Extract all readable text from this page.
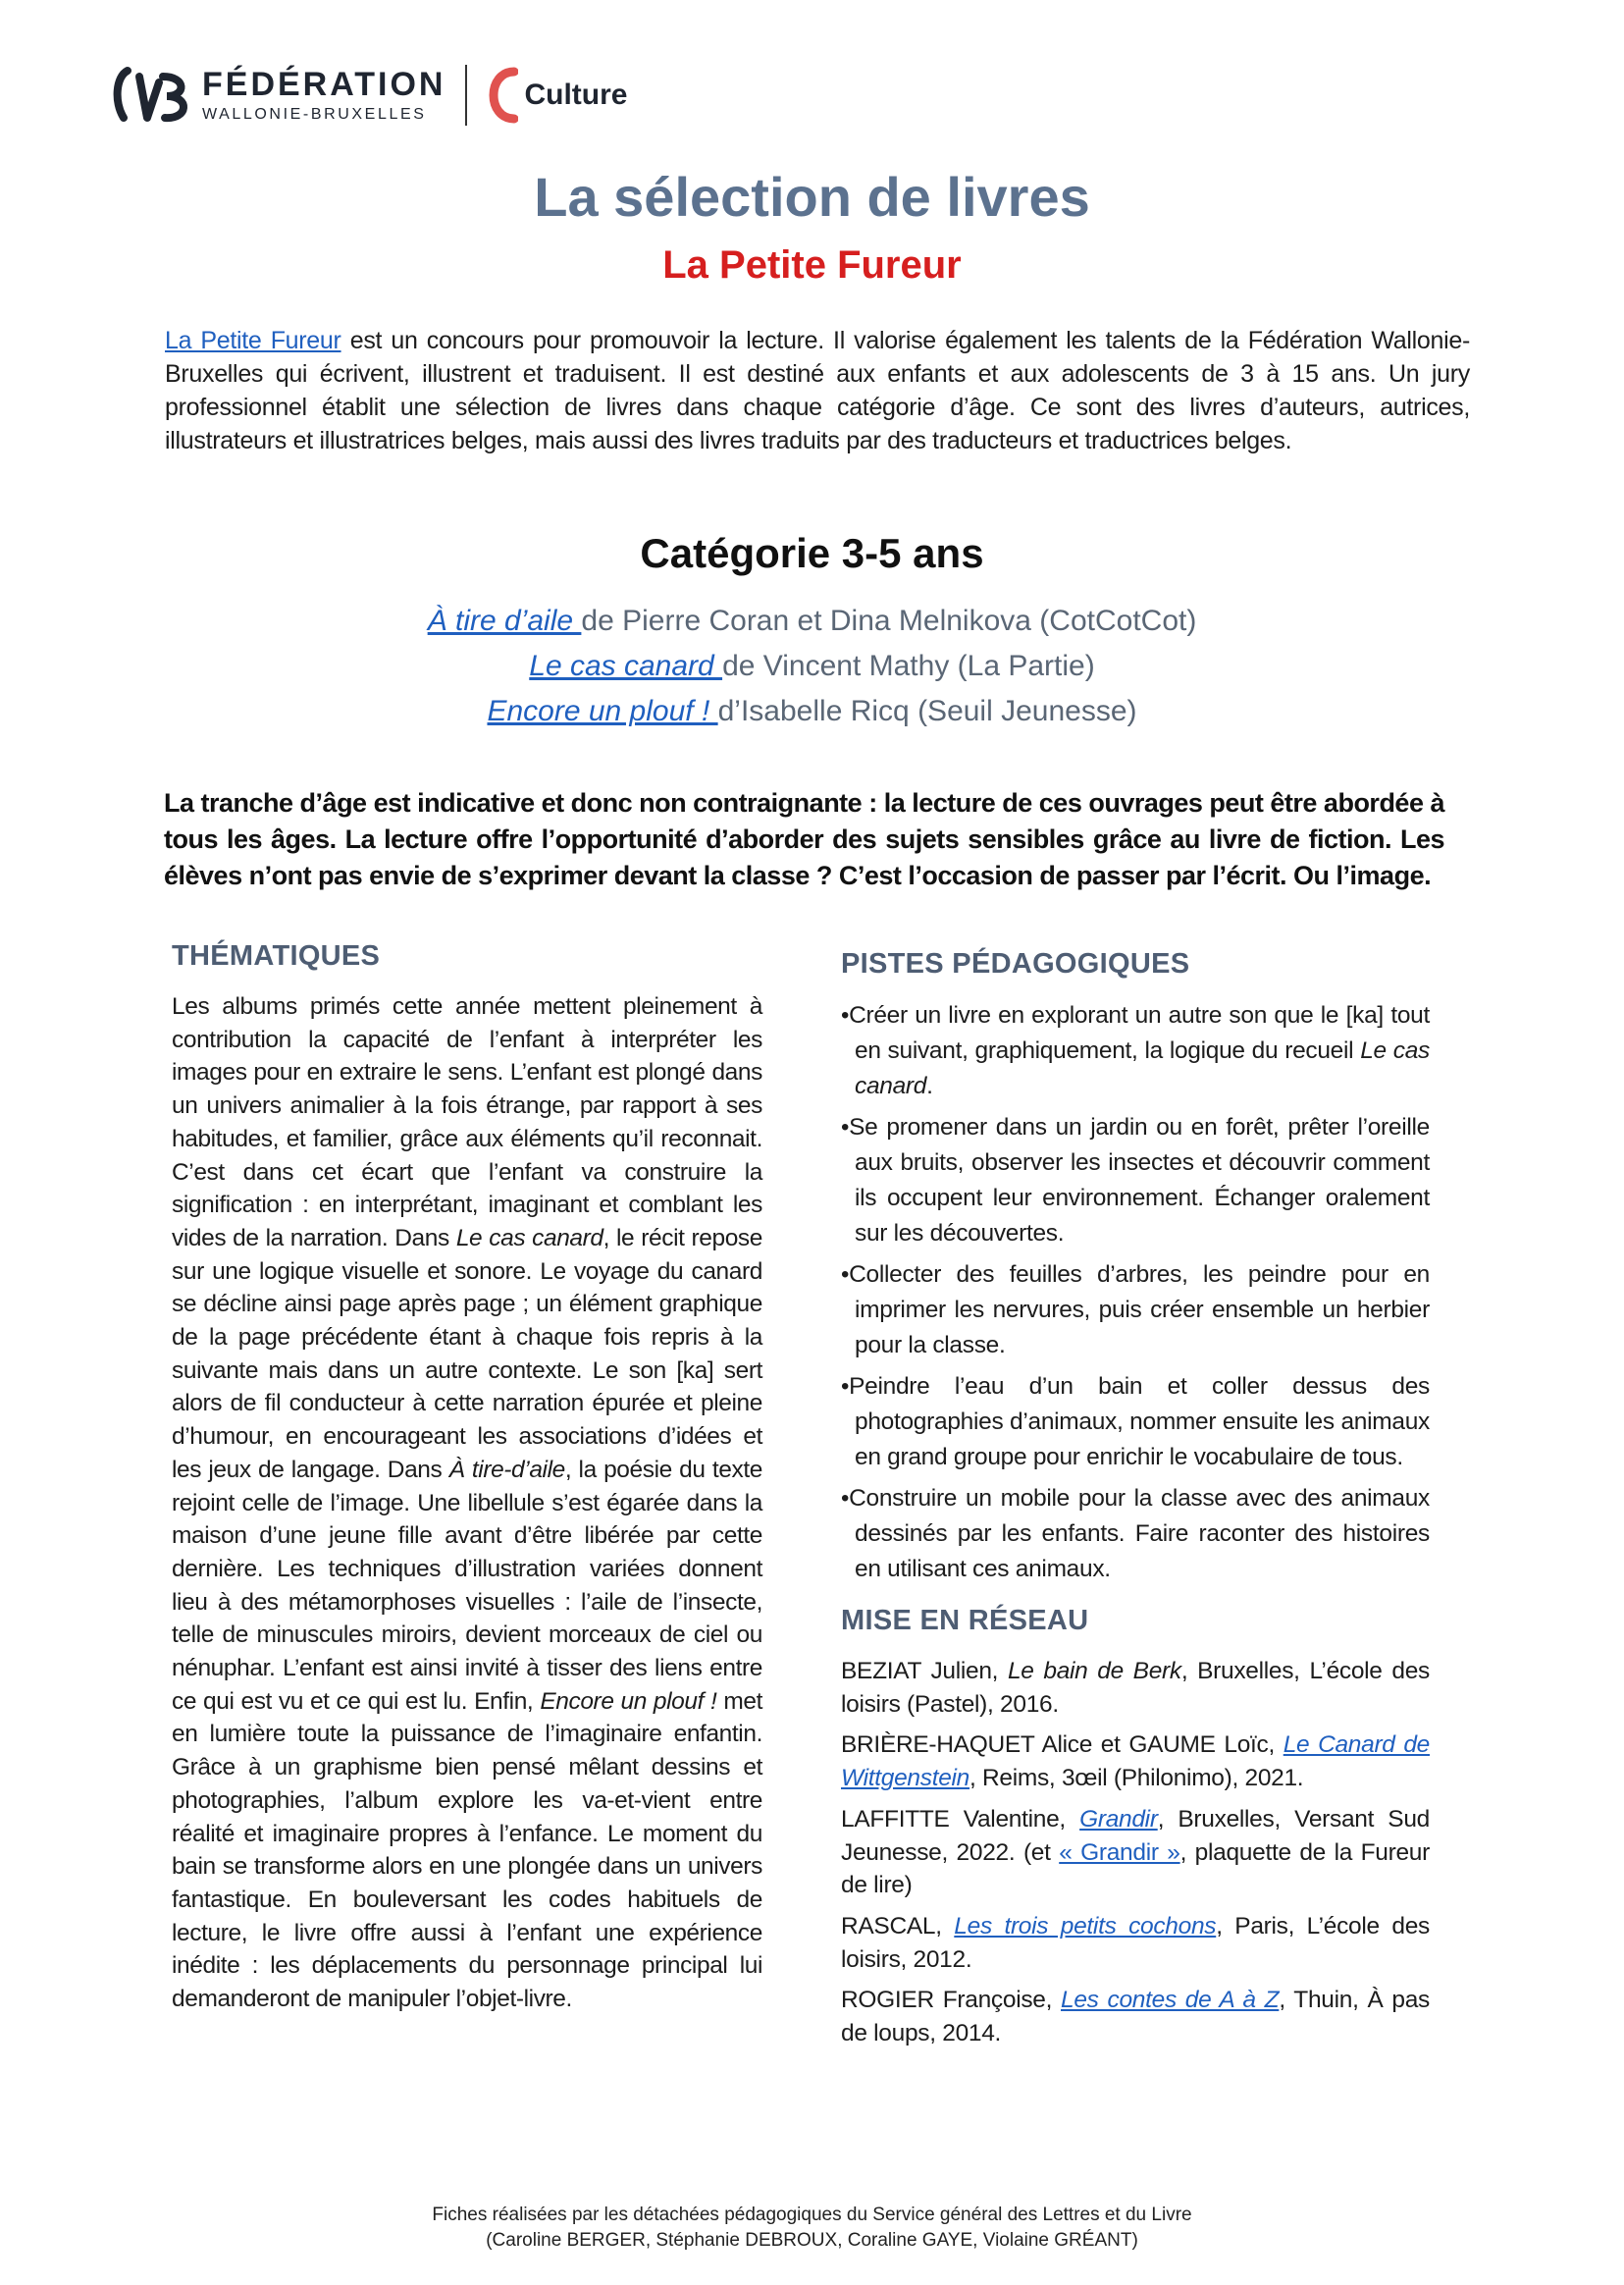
FÉDÉRATION
WALLONIE-BRUXELLES
Culture
La sélection de livres
La Petite Fureur

La Petite Fureur est un concours pour promouvoir la lecture. Il valorise également les talents de la Fédération Wallonie-Bruxelles qui écrivent, illustrent et traduisent. Il est destiné aux enfants et aux adolescents de 3 à 15 ans. Un jury professionnel établit une sélection de livres dans chaque catégorie d’âge. Ce sont des livres d’auteurs, autrices, illustrateurs et illustratrices belges, mais aussi des livres traduits par des traducteurs et traductrices belges.

Catégorie 3-5 ans

À tire d’aile de Pierre Coran et Dina Melnikova (CotCotCot)

Le cas canard de Vincent Mathy (La Partie)

Encore un plouf ! d’Isabelle Ricq (Seuil Jeunesse)

La tranche d’âge est indicative et donc non contraignante : la lecture de ces ouvrages peut être abordée à tous les âges. La lecture offre l’opportunité d’aborder des sujets sensibles grâce au livre de fiction. Les élèves n’ont pas envie de s’exprimer devant la classe ? C’est l’occasion de passer par l’écrit. Ou l’image.

THÉMATIQUES

Les albums primés cette année mettent pleinement à contribution la capacité de l’enfant à interpréter les images pour en extraire le sens. L’enfant est plongé dans un univers animalier à la fois étrange, par rapport à ses habitudes, et familier, grâce aux éléments qu’il reconnait. C’est dans cet écart que l’enfant va construire la signification : en interprétant, imaginant et comblant les vides de la narration. Dans Le cas canard, le récit repose sur une logique visuelle et sonore. Le voyage du canard se décline ainsi page après page ; un élément graphique de la page précédente étant à chaque fois repris à la suivante mais dans un autre contexte. Le son [ka] sert alors de fil conducteur à cette narration épurée et pleine d’humour, en encourageant les associations d’idées et les jeux de langage. Dans À tire-d’aile, la poésie du texte rejoint celle de l’image. Une libellule s’est égarée dans la maison d’une jeune fille avant d’être libérée par cette dernière. Les techniques d’illustration variées donnent lieu à des métamorphoses visuelles : l’aile de l’insecte, telle de minuscules miroirs, devient morceaux de ciel ou nénuphar. L’enfant est ainsi invité à tisser des liens entre ce qui est vu et ce qui est lu. Enfin, Encore un plouf ! met en lumière toute la puissance de l’imaginaire enfantin. Grâce à un graphisme bien pensé mêlant dessins et photographies, l’album explore les va-et-vient entre réalité et imaginaire propres à l’enfance. Le moment du bain se transforme alors en une plongée dans un univers fantastique. En bouleversant les codes habituels de lecture, le livre offre aussi à l’enfant une expérience inédite : les déplacements du personnage principal lui demanderont de manipuler l’objet-livre.

PISTES PÉDAGOGIQUES
•Créer un livre en explorant un autre son que le [ka] tout en suivant, graphiquement, la logique du recueil Le cas canard.
•Se promener dans un jardin ou en forêt, prêter l’oreille aux bruits, observer les insectes et découvrir comment ils occupent leur environnement. Échanger oralement sur les découvertes.
•Collecter des feuilles d’arbres, les peindre pour en imprimer les nervures, puis créer ensemble un herbier pour la classe.
•Peindre l’eau d’un bain et coller dessus des photographies d’animaux, nommer ensuite les animaux en grand groupe pour enrichir le vocabulaire de tous.
•Construire un mobile pour la classe avec des animaux dessinés par les enfants. Faire raconter des histoires en utilisant ces animaux.
MISE EN RÉSEAU

BEZIAT Julien, Le bain de Berk, Bruxelles, L’école des loisirs (Pastel), 2016.

BRIÈRE-HAQUET Alice et GAUME Loïc, Le Canard de Wittgenstein, Reims, 3œil (Philonimo), 2021.

LAFFITTE Valentine, Grandir, Bruxelles, Versant Sud Jeunesse, 2022. (et « Grandir », plaquette de la Fureur de lire)

RASCAL, Les trois petits cochons, Paris, L’école des loisirs, 2012.

ROGIER Françoise, Les contes de A à Z, Thuin, À pas de loups, 2014.

Fiches réalisées par les détachées pédagogiques du Service général des Lettres et du Livre
(Caroline BERGER, Stéphanie DEBROUX, Coraline GAYE, Violaine GRÉANT)
